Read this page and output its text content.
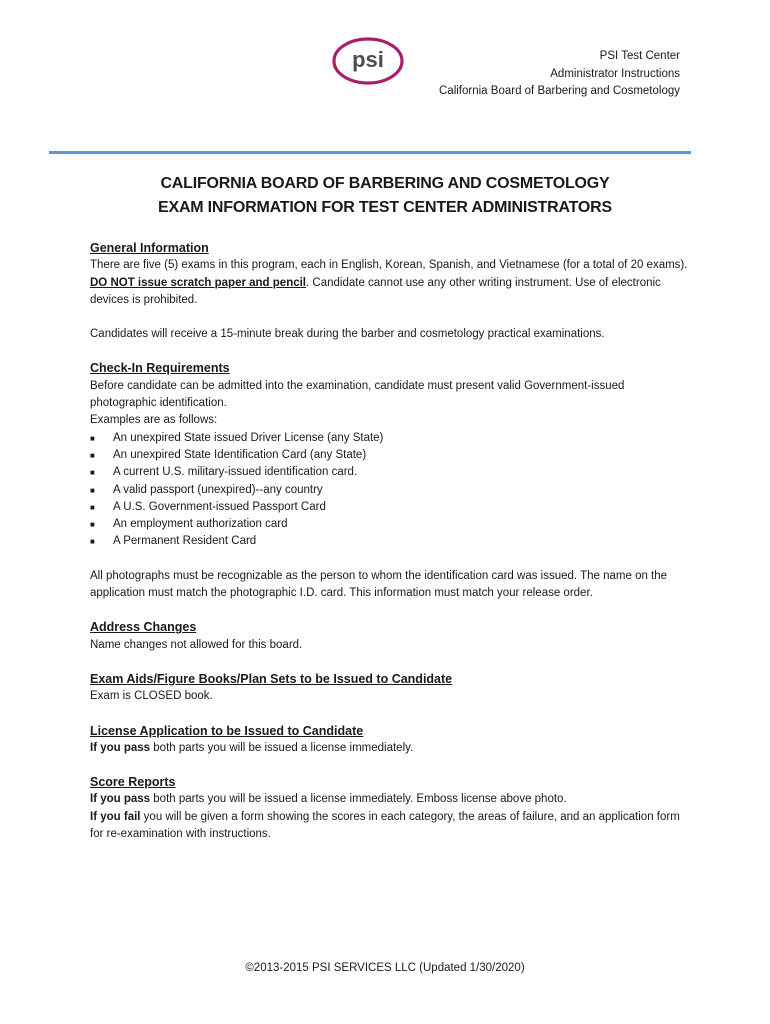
psi	PSI Test Center
Administrator Instructions
California Board of Barbering and Cosmetology
CALIFORNIA BOARD OF BARBERING AND COSMETOLOGY
EXAM INFORMATION FOR TEST CENTER ADMINISTRATORS

General Information

There are five (5) exams in this program, each in English, Korean, Spanish, and Vietnamese (for a total of 20 exams). DO NOT issue scratch paper and pencil. Candidate cannot use any other writing instrument. Use of electronic devices is prohibited.

Candidates will receive a 15-minute break during the barber and cosmetology practical examinations.

Check-In Requirements

Before candidate can be admitted into the examination, candidate must present valid Government-issued photographic identification.

Examples are as follows:

■ An unexpired State issued Driver License (any State)
■ An unexpired State Identification Card (any State)
■ A current U.S. military-issued identification card.
■ A valid passport (unexpired)--any country
■ A U.S. Government-issued Passport Card
■ An employment authorization card
■ A Permanent Resident Card

All photographs must be recognizable as the person to whom the identification card was issued. The name on the application must match the photographic I.D. card. This information must match your release order.

Address Changes

Name changes not allowed for this board.

Exam Aids/Figure Books/Plan Sets to be Issued to Candidate

Exam is CLOSED book.

License Application to be Issued to Candidate

If you pass both parts you will be issued a license immediately.

Score Reports

If you pass both parts you will be issued a license immediately. Emboss license above photo.

If you fail you will be given a form showing the scores in each category, the areas of failure, and an application form for re-examination with instructions.

©2013-2015 PSI SERVICES LLC (Updated 1/30/2020)
